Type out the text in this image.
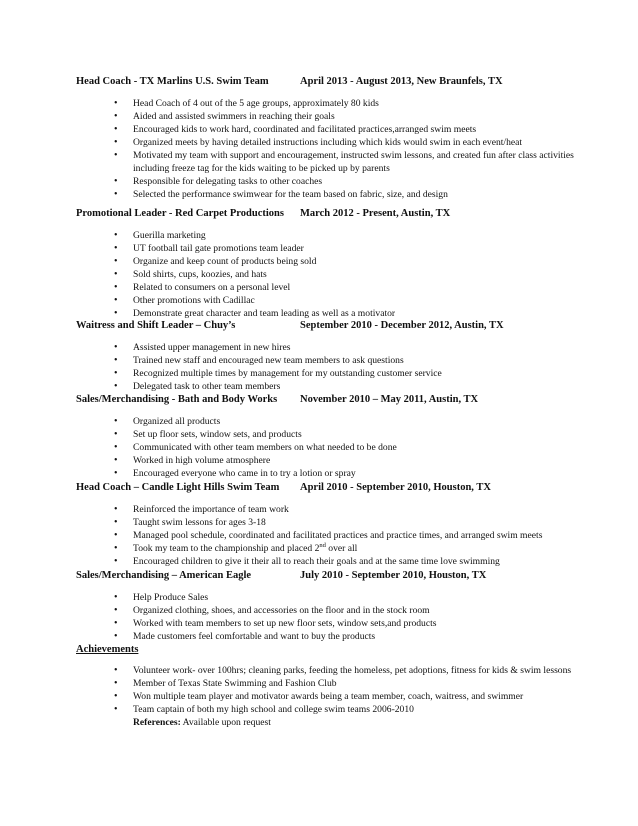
Head Coach - TX Marlins U.S. Swim Team	April 2013 - August 2013, New Braunfels, TX
• Head Coach of 4 out of the 5 age groups, approximately 80 kids
• Aided and assisted swimmers in reaching their goals
• Encouraged kids to work hard, coordinated and facilitated practices,arranged swim meets
• Organized meets by having detailed instructions including which kids would swim in each event/heat
• Motivated my team with support and encouragement, instructed swim lessons, and created fun after class activities including freeze tag for the kids waiting to be picked up by parents
• Responsible for delegating tasks to other coaches
• Selected the performance swimwear for the team based on fabric, size, and design
Promotional Leader - Red Carpet Productions March 2012 - Present, Austin, TX
• Guerilla marketing
• UT football tail gate promotions team leader
• Organize and keep count of products being sold
• Sold shirts, cups, koozies, and hats
• Related to consumers on a personal level
• Other promotions with Cadillac
• Demonstrate great character and team leading as well as a motivator
Waitress and Shift Leader – Chuy’s	September 2010 - December 2012, Austin, TX
• Assisted upper management in new hires
• Trained new staff and encouraged new team members to ask questions
• Recognized multiple times by management for my outstanding customer service
• Delegated task to other team members
Sales/Merchandising - Bath and Body Works November 2010 – May 2011, Austin, TX
• Organized all products
• Set up floor sets, window sets, and products
• Communicated with other team members on what needed to be done
• Worked in high volume atmosphere
• Encouraged everyone who came in to try a lotion or spray
Head Coach – Candle Light Hills Swim Team April 2010 - September 2010, Houston, TX
• Reinforced the importance of team work
• Taught swim lessons for ages 3-18
• Managed pool schedule, coordinated and facilitated practices and practice times, and arranged swim meets
• Took my team to the championship and placed 2nd over all
• Encouraged children to give it their all to reach their goals and at the same time love swimming
Sales/Merchandising – American Eagle	July 2010 - September 2010, Houston, TX
• Help Produce Sales
• Organized clothing, shoes, and accessories on the floor and in the stock room
• Worked with team members to set up new floor sets, window sets,and products
• Made customers feel comfortable and want to buy the products
Achievements
• Volunteer work- over 100hrs; cleaning parks, feeding the homeless, pet adoptions, fitness for kids & swim lessons
• Member of Texas State Swimming and Fashion Club
• Won multiple team player and motivator awards being a team member, coach, waitress, and swimmer
• Team captain of both my high school and college swim teams 2006-2010
References: Available upon request
